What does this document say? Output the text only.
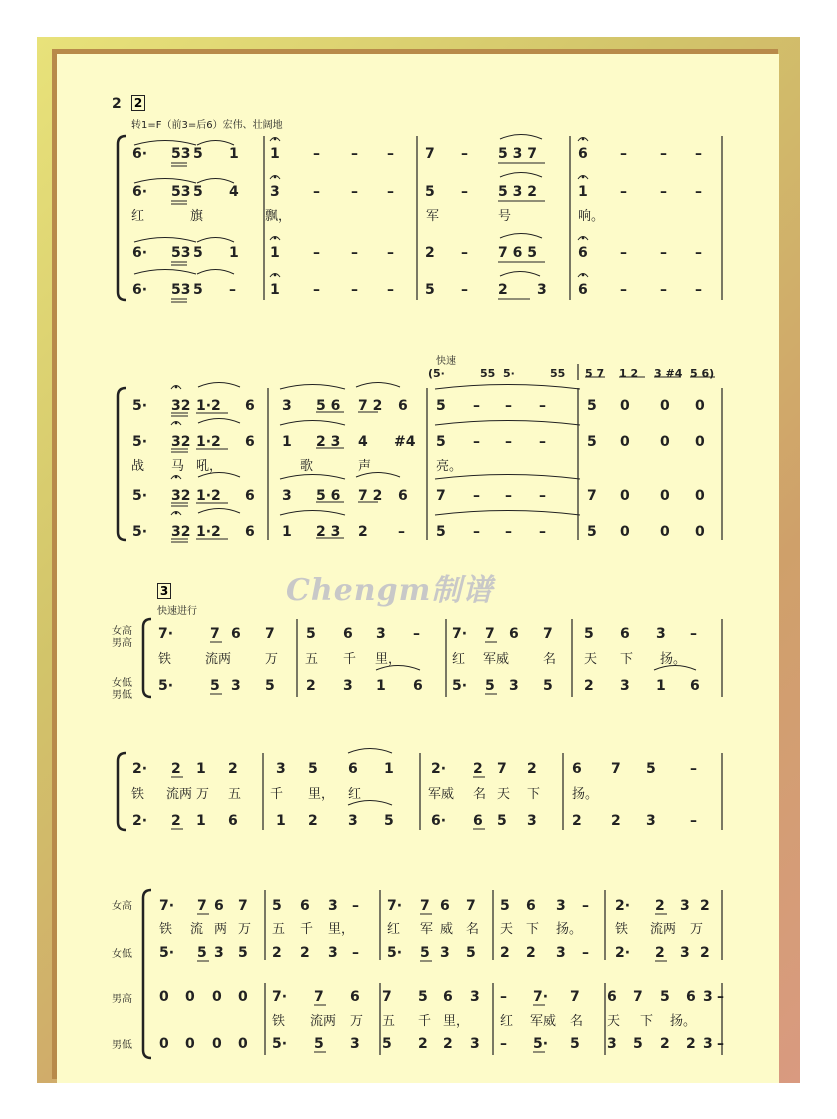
2 2
转1=F（前3=后6）宏伟、壮阔地
6· 53 5 1 1 – – – 7 – 5 3 7	6 – – –
6· 53 5 4 3 – – – 5 – 5 3 2	1 – – –
红	旗	飘，	军	号	响。
6· 53 5 1 1 – – – 2 – 7 6 5	6 – – –
6· 53 5 – 1 – – – 5 – 2 3 6 – – –
快速
(5·	55 5·	55 5 7 1 2 3 #4 5 6)
5· 32 1·2 6 3 5 6 7 2 6 5 – – –	5 0 0 0
5· 32 1·2 6 1 2 3 4 #4 5 – – –	5 0 0 0
战 马 吼，	歌	声	亮。
5· 32 1·2 6 3 5 6 7 2 6 7 – – –	7 0 0 0
5· 32 1·2 6 1 2 3 2 – 5 – – –	5 0 0 0
3
快速进行
女高
男高
女低
男低
7·	7 6 7 5 6 3 – 7· 7 6 7 5 6 3 –
铁	流两	万 五 千 里，	红 军威	名 天 下 扬。
5·	5 3 5 2 3 1 6 5· 5 3 5 2 3 1 6
2· 2 1 2	3 5 6 1	2· 2 7 2	6 7 5 –
铁 流两 万 五 千 里， 红	军威 名 天 下 扬。
2· 2 1 6	1 2 3 5	6· 6 5 3	2 2 3 –
女高
女低
男高
男低
7· 7 6 7 5 6 3 – 7· 7 6 7 5 6 3 – 2· 2 3 2
铁 流 两 万 五 千 里，	红 军 威 名 天 下 扬。	铁 流两 万
5· 5 3 5 2 2 3 – 5· 5 3 5 2 2 3 – 2· 2 3 2
0 0 0 0 7· 7 6 7 5 6 3 – 7· 7 6 7 5 6 3 –
铁 流两 万 五 千 里， 红 军威 名 天 下 扬。
0 0 0 0 5· 5 3 5 2 2 3 – 5· 5 3 5 2 2 3 –
Chengm制谱
